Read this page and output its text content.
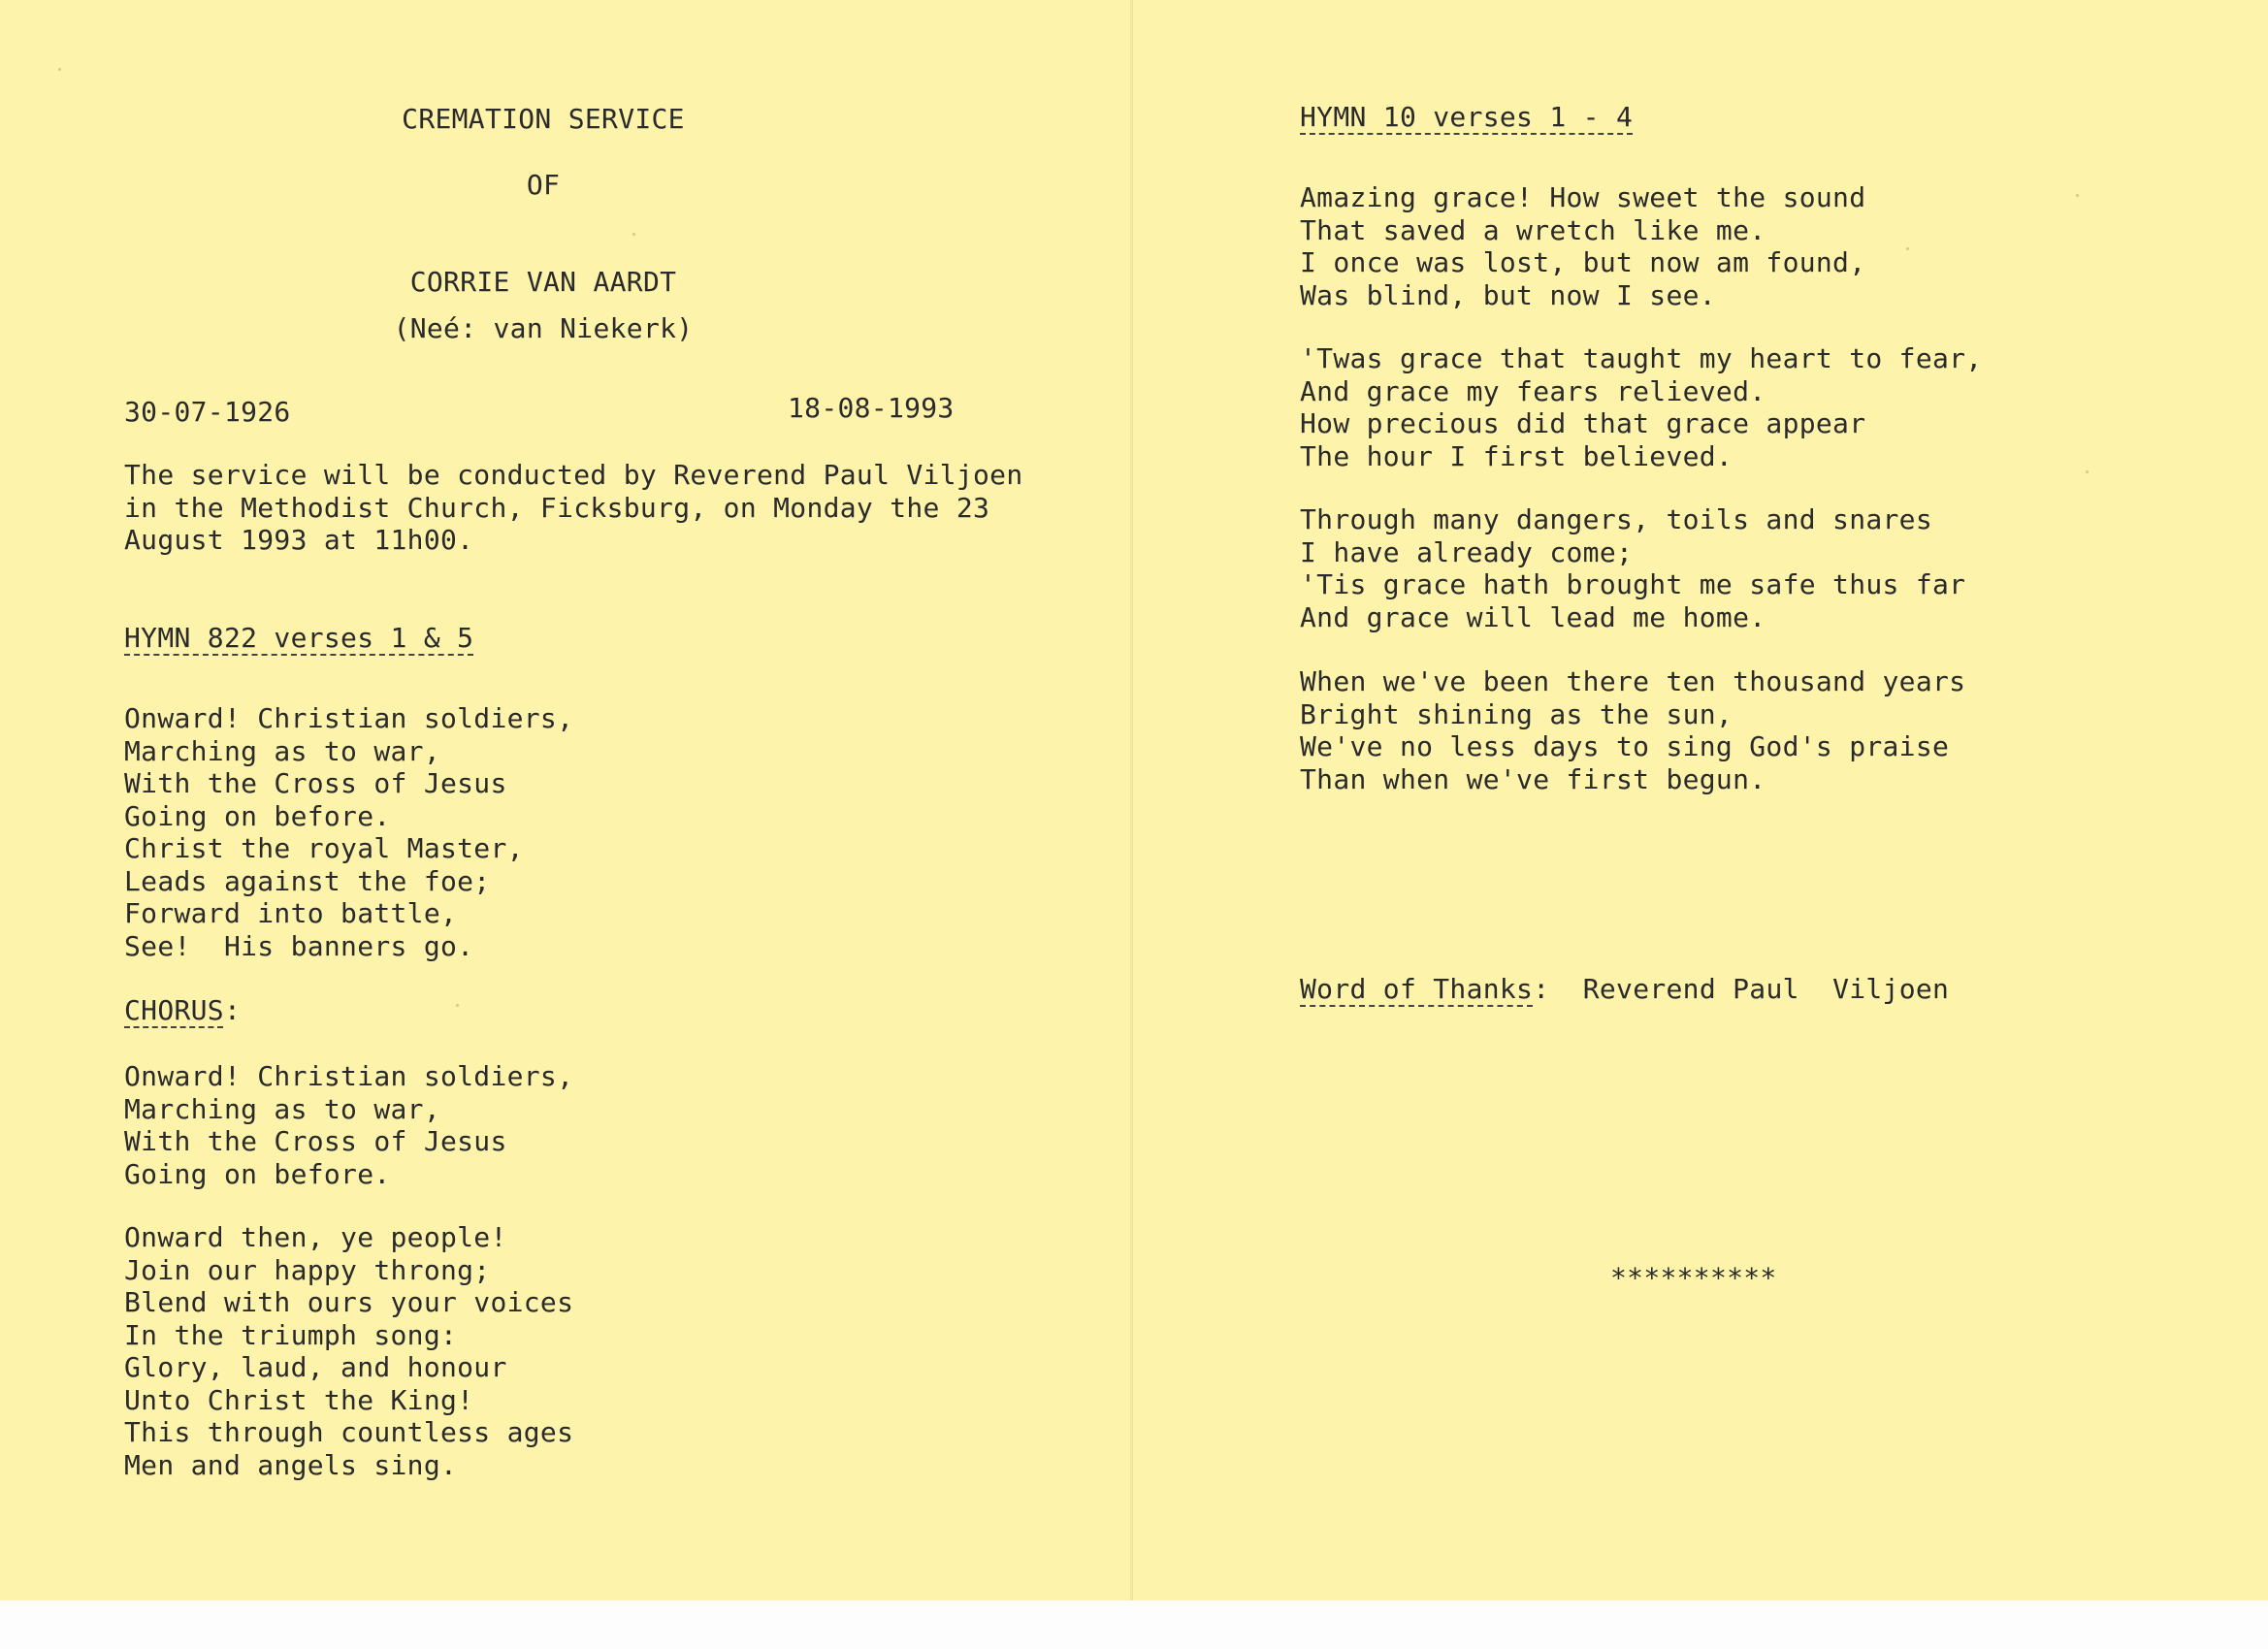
CREMATION SERVICE

OF

CORRIE VAN AARDT

(Neé: van Niekerk)

30-07-1926	18-08-1993

The service will be conducted by Reverend Paul Viljoen
in the Methodist Church, Ficksburg, on Monday the 23
August 1993 at 11h00.

HYMN 822 verses 1 & 5

Onward! Christian soldiers,
Marching as to war,
With the Cross of Jesus
Going on before.
Christ the royal Master,
Leads against the foe;
Forward into battle,
See!  His banners go.

CHORUS:

Onward! Christian soldiers,
Marching as to war,
With the Cross of Jesus
Going on before.

Onward then, ye people!
Join our happy throng;
Blend with ours your voices
In the triumph song:
Glory, laud, and honour
Unto Christ the King!
This through countless ages
Men and angels sing.

HYMN 10 verses 1 - 4

Amazing grace! How sweet the sound
That saved a wretch like me.
I once was lost, but now am found,
Was blind, but now I see.

'Twas grace that taught my heart to fear,
And grace my fears relieved.
How precious did that grace appear
The hour I first believed.

Through many dangers, toils and snares
I have already come;
'Tis grace hath brought me safe thus far
And grace will lead me home.

When we've been there ten thousand years
Bright shining as the sun,
We've no less days to sing God's praise
Than when we've first begun.

Word of Thanks: Reverend Paul  Viljoen

**********
